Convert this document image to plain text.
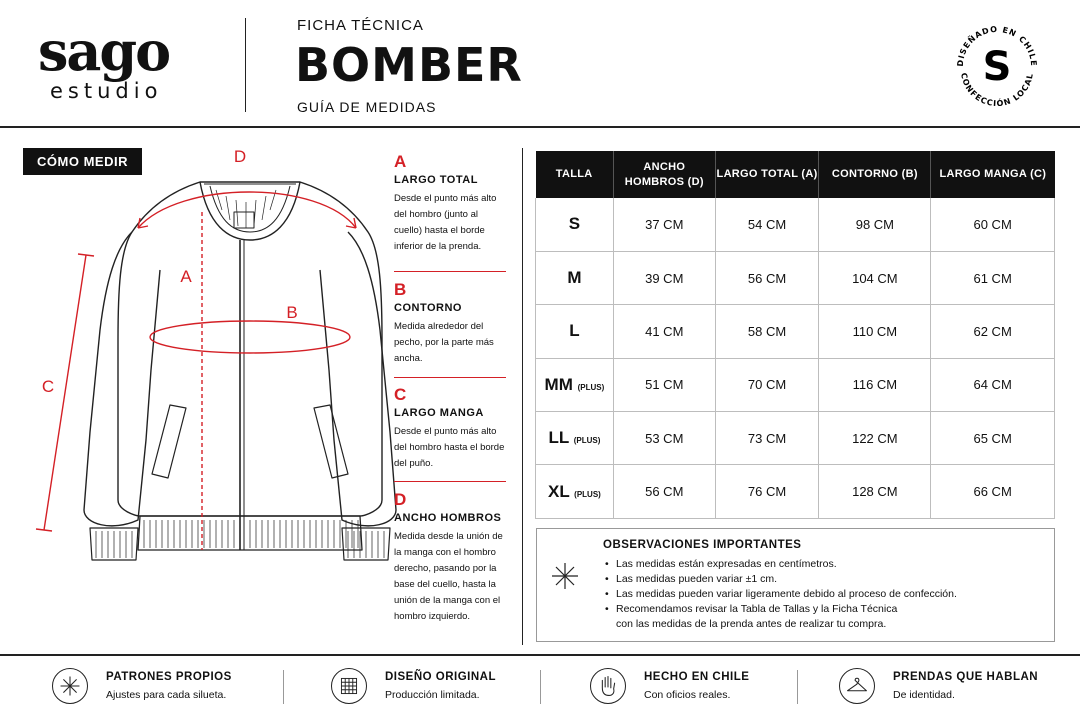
sago
estudio
FICHA TÉCNICA
BOMBER
GUÍA DE MEDIDAS
DISEÑADO EN CHILE
CONFECCIÓN LOCAL
S
CÓMO MEDIR	D
A
B
C
A
LARGO TOTAL
Desde el punto más alto del hombro (junto al cuello) hasta el borde inferior de la prenda.
B
CONTORNO
Medida alrededor del pecho, por la parte más ancha.
C
LARGO MANGA
Desde el punto más alto del hombro hasta el borde del puño.
D
ANCHO HOMBROS
Medida desde la unión de la manga con el hombro derecho, pasando por la base del cuello, hasta la unión de la manga con el hombro izquierdo.
TALLA	ANCHO HOMBROS (D)	LARGO TOTAL (A)	CONTORNO (B)	LARGO MANGA (C)
S	37 CM	54 CM	98 CM	60 CM
M	39 CM	56 CM	104 CM	61 CM
L	41 CM	58 CM	110 CM	62 CM
MM (PLUS)	51 CM	70 CM	116 CM	64 CM
LL (PLUS)	53 CM	73 CM	122 CM	65 CM
XL (PLUS)	56 CM	76 CM	128 CM	66 CM
OBSERVACIONES IMPORTANTES
• Las medidas están expresadas en centímetros.
• Las medidas pueden variar ±1 cm.
• Las medidas pueden variar ligeramente debido al proceso de confección.
• Recomendamos revisar la Tabla de Tallas y la Ficha Técnica
con las medidas de la prenda antes de realizar tu compra.
PATRONES PROPIOS
Ajustes para cada silueta.
DISEÑO ORIGINAL
Producción limitada.
HECHO EN CHILE
Con oficios reales.
PRENDAS QUE HABLAN
De identidad.
